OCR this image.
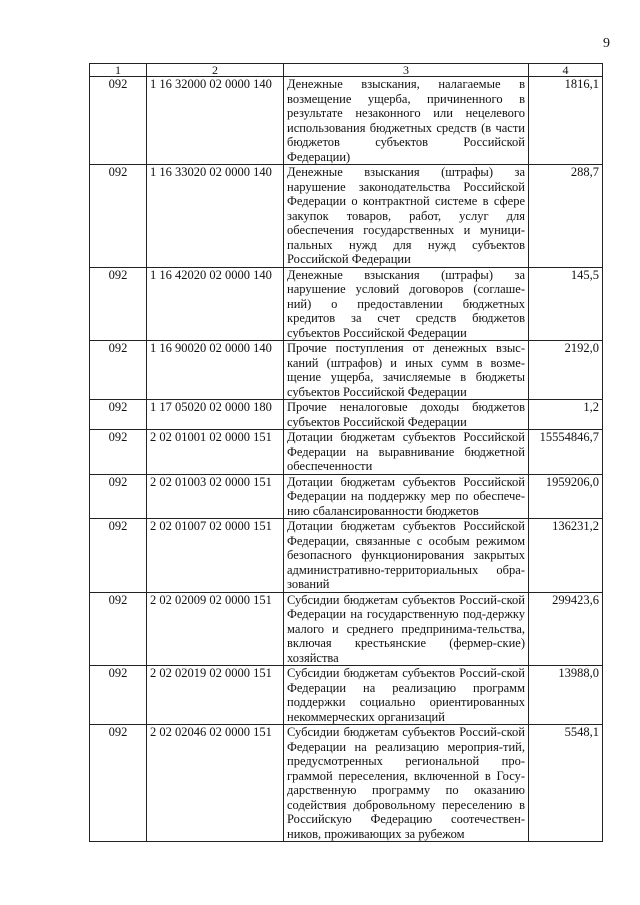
9
1	2	3	4
092	1 16 32000 02 0000 140	Денежные взыскания, налагаемые в возмещение ущерба, причиненного в результате незаконного или нецелевого использования бюджетных средств (в части бюджетов субъектов Российской Федерации)	1816,1
092	1 16 33020 02 0000 140	Денежные взыскания (штрафы) за нарушение законодательства Российской Федерации о контрактной системе в сфере закупок товаров, работ, услуг для обеспечения государственных и муници-пальных нужд для нужд субъектов Российской Федерации	288,7
092	1 16 42020 02 0000 140	Денежные взыскания (штрафы) за нарушение условий договоров (соглаше-ний) о предоставлении бюджетных кредитов за счет средств бюджетов субъектов Российской Федерации	145,5
092	1 16 90020 02 0000 140	Прочие поступления от денежных взыс-каний (штрафов) и иных сумм в возме-щение ущерба, зачисляемые в бюджеты субъектов Российской Федерации	2192,0
092	1 17 05020 02 0000 180	Прочие неналоговые доходы бюджетов субъектов Российской Федерации	1,2
092	2 02 01001 02 0000 151	Дотации бюджетам субъектов Российской Федерации на выравнивание бюджетной обеспеченности	15554846,7
092	2 02 01003 02 0000 151	Дотации бюджетам субъектов Российской Федерации на поддержку мер по обеспече-нию сбалансированности бюджетов	1959206,0
092	2 02 01007 02 0000 151	Дотации бюджетам субъектов Российской Федерации, связанные с особым режимом безопасного функционирования закрытых административно-территориальных обра-зований	136231,2
092	2 02 02009 02 0000 151	Субсидии бюджетам субъектов Россий-ской Федерации на государственную под-держку малого и среднего предпринима-тельства, включая крестьянские (фермер-ские) хозяйства	299423,6
092	2 02 02019 02 0000 151	Субсидии бюджетам субъектов Россий-ской Федерации на реализацию программ поддержки социально ориентированных некоммерческих организаций	13988,0
092	2 02 02046 02 0000 151	Субсидии бюджетам субъектов Россий-ской Федерации на реализацию мероприя-тий, предусмотренных региональной про-граммой переселения, включенной в Госу-дарственную программу по оказанию содействия добровольному переселению в Российскую Федерацию соотечествен-ников, проживающих за рубежом	5548,1
